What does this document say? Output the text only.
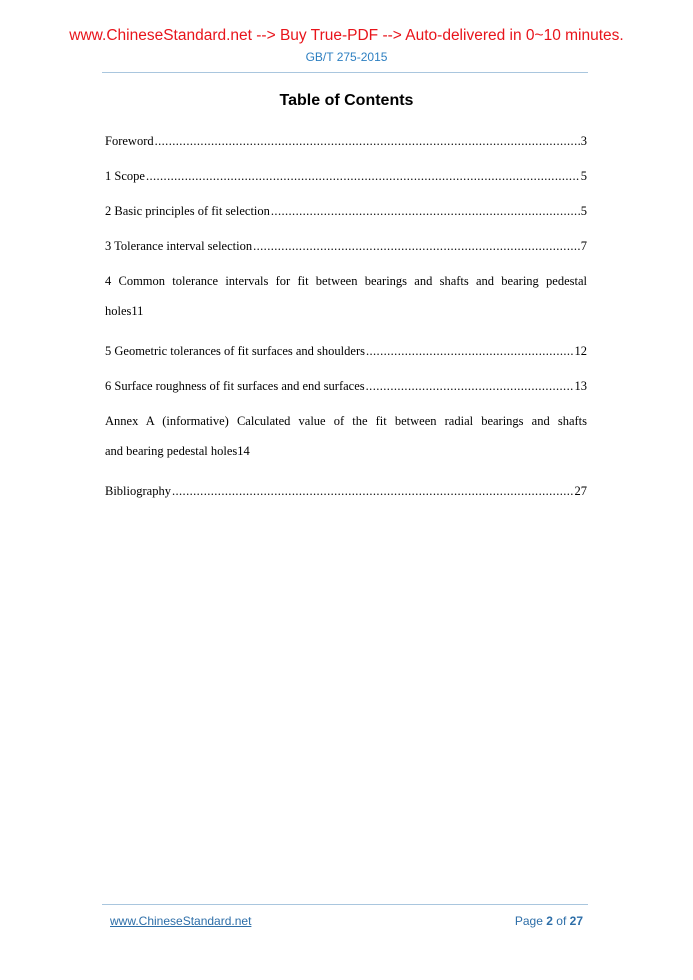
www.ChineseStandard.net --> Buy True-PDF --> Auto-delivered in 0~10 minutes.
GB/T 275-2015
Table of Contents
Foreword .....	3
1 Scope .....	5
2 Basic principles of fit selection .....	5
3 Tolerance interval selection .....	7
4 Common tolerance intervals for fit between bearings and shafts and bearing pedestal
holes 11
5 Geometric tolerances of fit surfaces and shoulders .....	12
6 Surface roughness of fit surfaces and end surfaces .....	13
Annex A (informative) Calculated value of the fit between radial bearings and shafts
and bearing pedestal holes 14
Bibliography .....	27
www.ChineseStandard.net	Page 2 of 27
